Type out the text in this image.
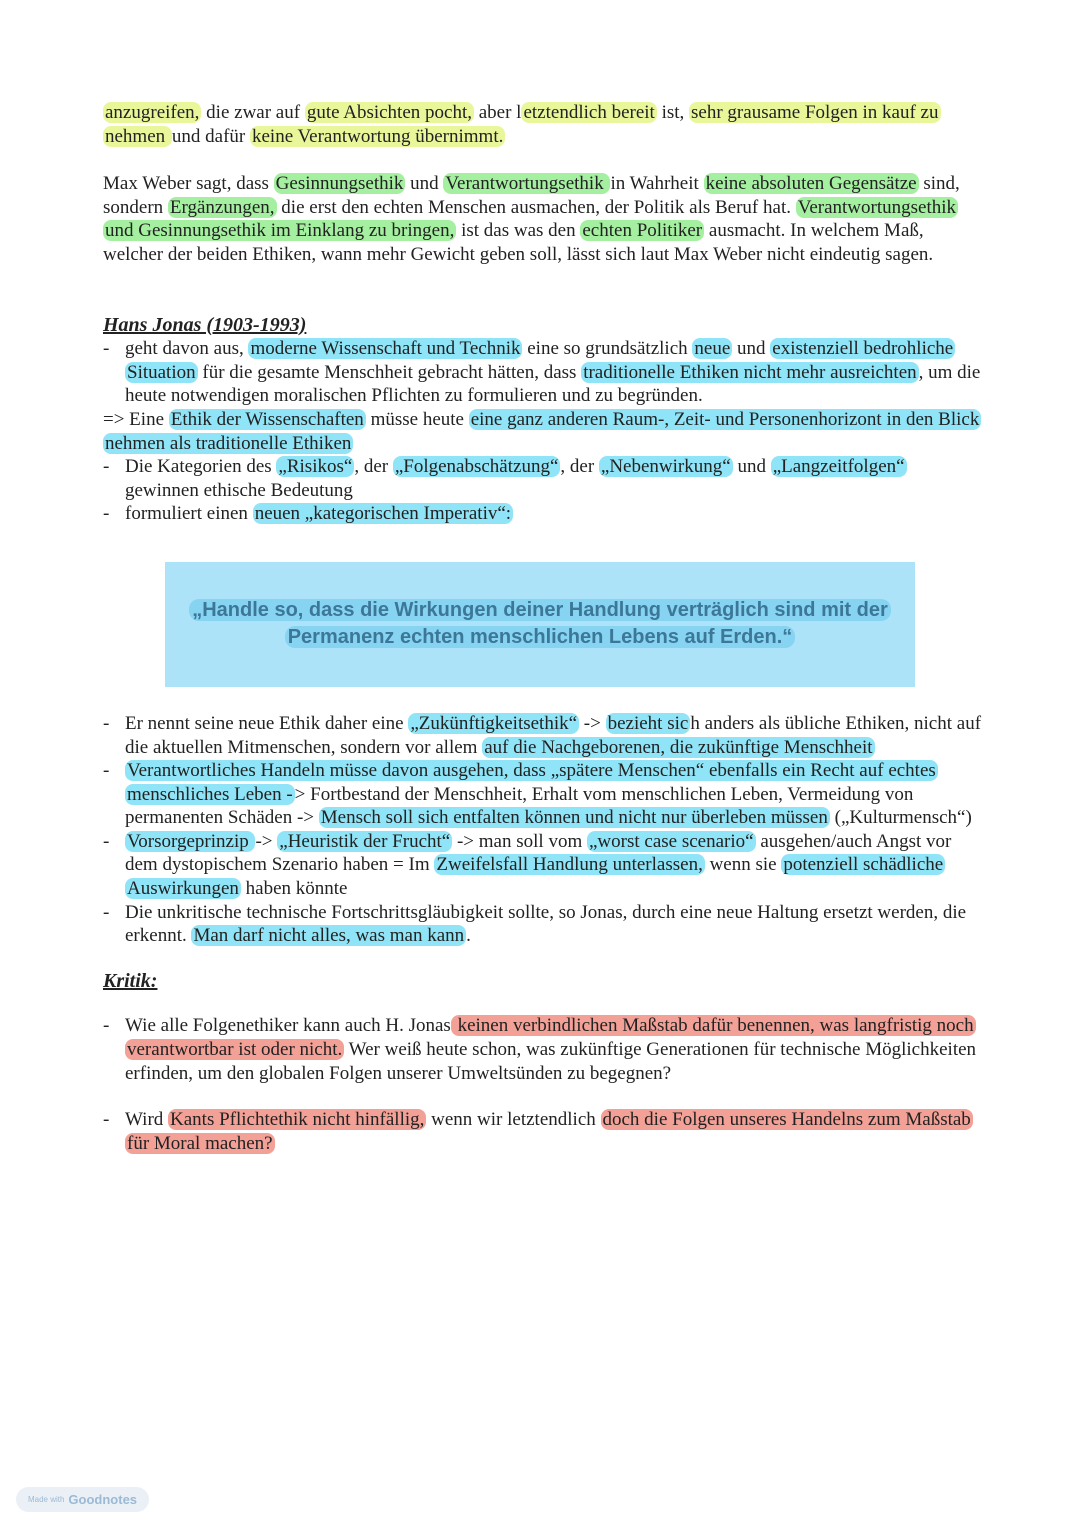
anzugreifen, die zwar auf gute Absichten pocht, aber l etztendlich bereit ist, sehr grausame Folgen in kauf zu nehmen und dafür keine Verantwortung übernimmt.

Max Weber sagt, dass Gesinnungsethik und Verantwortungsethik in Wahrheit keine absoluten Gegensätze sind, sondern Ergänzungen, die erst den echten Menschen ausmachen, der Politik als Beruf hat. Verantwortungsethik und Gesinnungsethik im Einklang zu bringen, ist das was den echten Politiker ausmacht. In welchem Maß, welcher der beiden Ethiken, wann mehr Gewicht geben soll, lässt sich laut Max Weber nicht eindeutig sagen.

Hans Jonas (1903-1993)

- geht davon aus, moderne Wissenschaft und Technik eine so grundsätzlich neue und existenziell bedrohliche Situation für die gesamte Menschheit gebracht hätten, dass traditionelle Ethiken nicht mehr ausreichten , um die heute notwendigen moralischen Pflichten zu formulieren und zu begründen.

=> Eine Ethik der Wissenschaften müsse heute eine ganz anderen Raum-, Zeit- und Personenhorizont in den Blick nehmen als traditionelle Ethiken

- Die Kategorien des „Risikos“ , der „Folgenabschätzung“ , der „Nebenwirkung“ und „Langzeitfolgen“ gewinnen ethische Bedeutung
- formuliert einen neuen „kategorischen Imperativ“:
„Handle so, dass die Wirkungen deiner Handlung verträglich sind mit der Permanenz echten menschlichen Lebens auf Erden.“
- Er nennt seine neue Ethik daher eine „Zukünftigkeitsethik“ -> bezieht sic h anders als übliche Ethiken, nicht auf die aktuellen Mitmenschen, sondern vor allem auf die Nachgeborenen, die zukünftige Menschheit
- Verantwortliches Handeln müsse davon ausgehen, dass „spätere Menschen“ ebenfalls ein Recht auf echtes menschliches Leben - > Fortbestand der Menschheit, Erhalt vom menschlichen Leben, Vermeidung von permanenten Schäden -> Mensch soll sich entfalten können und nicht nur überleben müssen („Kulturmensch“)
- Vorsorgeprinzip -> „Heuristik der Frucht“ -> man soll vom „worst case scenario“ ausgehen/auch Angst vor dem dystopischem Szenario haben = Im Zweifelsfall Handlung unterlassen, wenn sie potenziell schädliche Auswirkungen haben könnte
- Die unkritische technische Fortschrittsgläubigkeit sollte, so Jonas, durch eine neue Haltung ersetzt werden, die erkennt. Man darf nicht alles, was man kann .

Kritik:

- Wie alle Folgenethiker kann auch H. Jonas keinen verbindlichen Maßstab dafür benennen, was langfristig noch verantwortbar ist oder nicht. Wer weiß heute schon, was zukünftige Generationen für technische Möglichkeiten erfinden, um den globalen Folgen unserer Umweltsünden zu begegnen?
- Wird Kants Pflichtethik nicht hinfällig, wenn wir letztendlich doch die Folgen unseres Handelns zum Maßstab für Moral machen?
Made with Goodnotes
